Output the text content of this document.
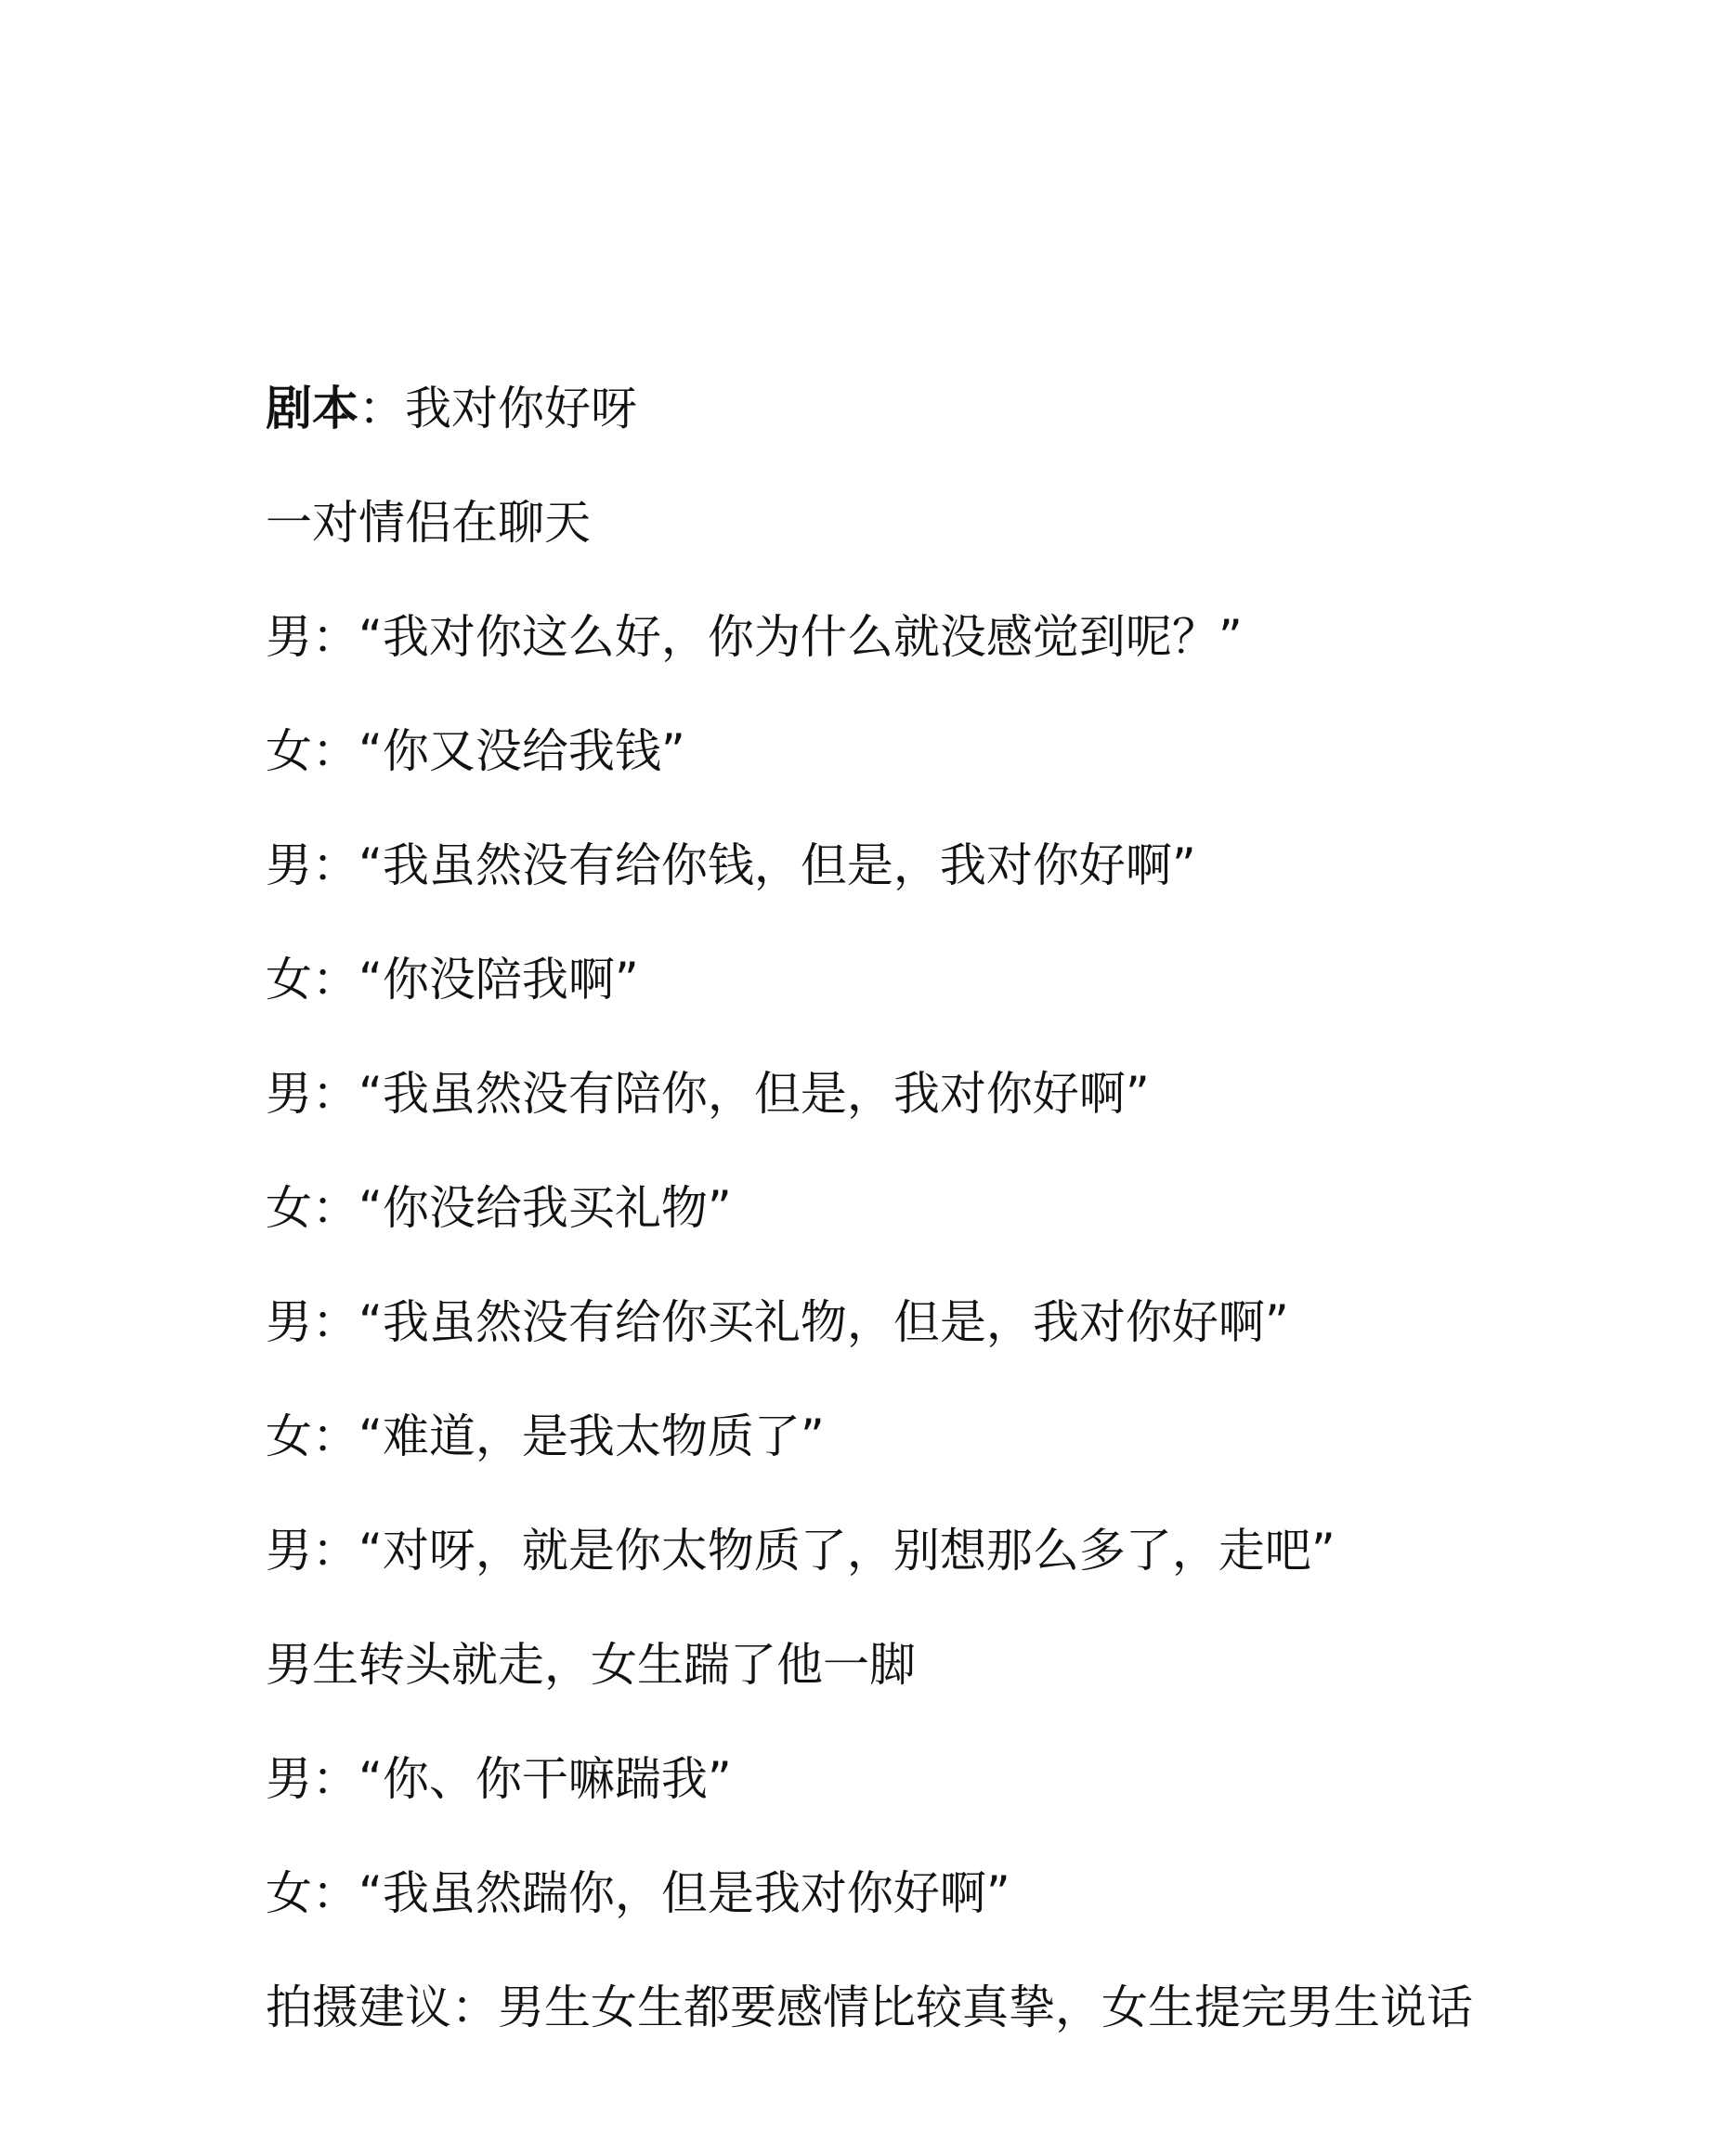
剧本：我对你好呀
一对情侣在聊天
男：“我对你这么好，你为什么就没感觉到呢？”
女：“你又没给我钱”
男：“我虽然没有给你钱，但是，我对你好啊”
女：“你没陪我啊”
男：“我虽然没有陪你，但是，我对你好啊”
女：“你没给我买礼物”
男：“我虽然没有给你买礼物，但是，我对你好啊”
女：“难道，是我太物质了”
男：“对呀，就是你太物质了，别想那么多了，走吧”
男生转头就走，女生踹了他一脚
男：“你、你干嘛踹我”
女：“我虽然踹你，但是我对你好啊”
拍摄建议：男生女生都要感情比较真挚，女生提完男生说话
